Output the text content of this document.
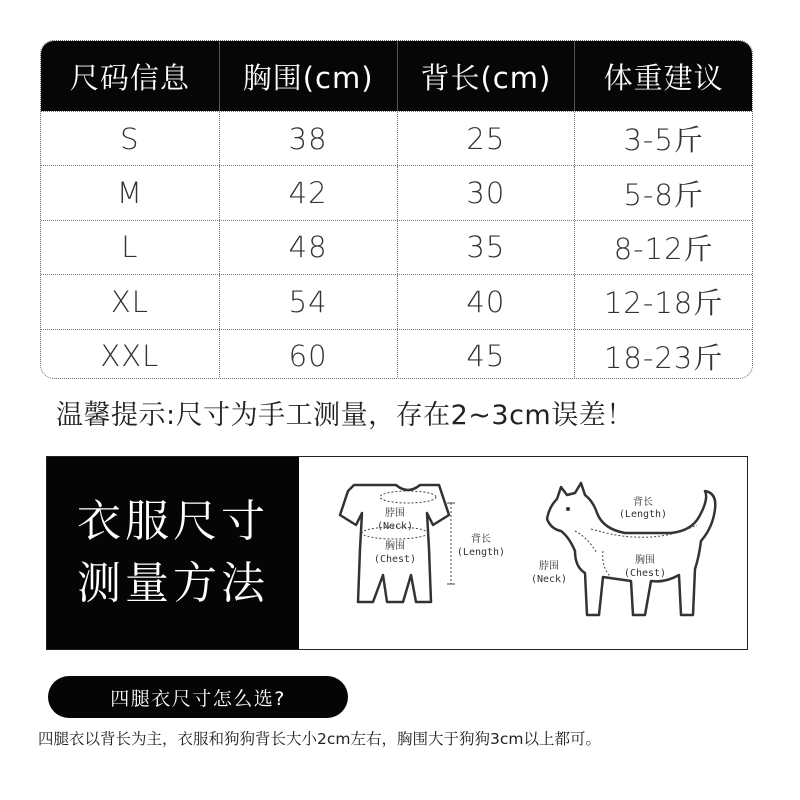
尺码信息	胸围(cm)	背长(cm)	体重建议
S	38	25	3-5斤
M	42	30	5-8斤
L	48	35	8-12斤
XL	54	40	12-18斤
XXL	60	45	18-23斤
温馨提示:尺寸为手工测量，存在2~3cm误差！
衣服尺寸
测量方法
脖围
(Neck)
胸围
(Chest)
背长
(Length)
背长
(Length)
脖围
(Neck)
胸围
(Chest)
四腿衣尺寸怎么选?
四腿衣以背长为主，衣服和狗狗背长大小2cm左右，胸围大于狗狗3cm以上都可。
